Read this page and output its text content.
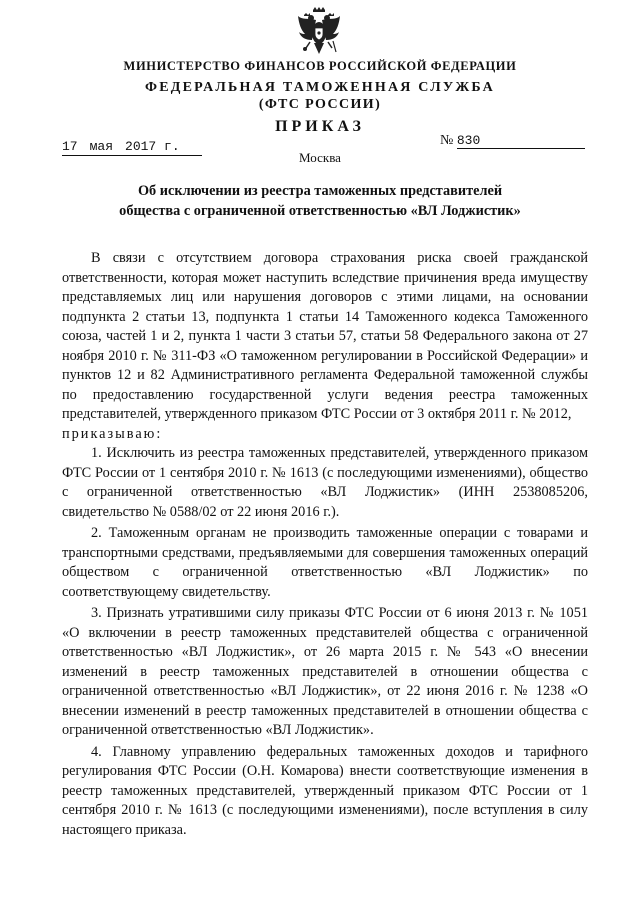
МИНИСТЕРСТВО ФИНАНСОВ РОССИЙСКОЙ ФЕДЕРАЦИИ
ФЕДЕРАЛЬНАЯ ТАМОЖЕННАЯ СЛУЖБА
(ФТС РОССИИ)
ПРИКАЗ
17 мая 2017 г.	№ 830
Москва
Об исключении из реестра таможенных представителей
общества с ограниченной ответственностью «ВЛ Лоджистик»

В связи с отсутствием договора страхования риска своей гражданской ответственности, которая может наступить вследствие причинения вреда имуществу представляемых лиц или нарушения договоров с этими лицами, на основании подпункта 2 статьи 13, подпункта 1 статьи 14 Таможенного кодекса Таможенного союза, частей 1 и 2, пункта 1 части 3 статьи 57, статьи 58 Федерального закона от 27 ноября 2010 г. № 311-ФЗ «О таможенном регулировании в Российской Федерации» и пунктов 12 и 82 Административного регламента Федеральной таможенной службы по предоставлению государственной услуги ведения реестра таможенных представителей, утвержденного приказом ФТС России от 3 октября 2011 г. № 2012,

приказываю:

1. Исключить из реестра таможенных представителей, утвержденного приказом ФТС России от 1 сентября 2010 г. № 1613 (с последующими изменениями), общество с ограниченной ответственностью «ВЛ Лоджистик» (ИНН 2538085206, свидетельство № 0588/02 от 22 июня 2016 г.).

2. Таможенным органам не производить таможенные операции с товарами и транспортными средствами, предъявляемыми для совершения таможенных операций обществом с ограниченной ответственностью «ВЛ Лоджистик» по соответствующему свидетельству.

3. Признать утратившими силу приказы ФТС России от 6 июня 2013 г. № 1051 «О включении в реестр таможенных представителей общества с ограниченной ответственностью «ВЛ Лоджистик», от 26 марта 2015 г. № 543 «О внесении изменений в реестр таможенных представителей в отношении общества с ограниченной ответственностью «ВЛ Лоджистик», от 22 июня 2016 г. № 1238 «О внесении изменений в реестр таможенных представителей в отношении общества с ограниченной ответственностью «ВЛ Лоджистик».

4. Главному управлению федеральных таможенных доходов и тарифного регулирования ФТС России (О.Н. Комарова) внести соответствующие изменения в реестр таможенных представителей, утвержденный приказом ФТС России от 1 сентября 2010 г. № 1613 (с последующими изменениями), после вступления в силу настоящего приказа.
